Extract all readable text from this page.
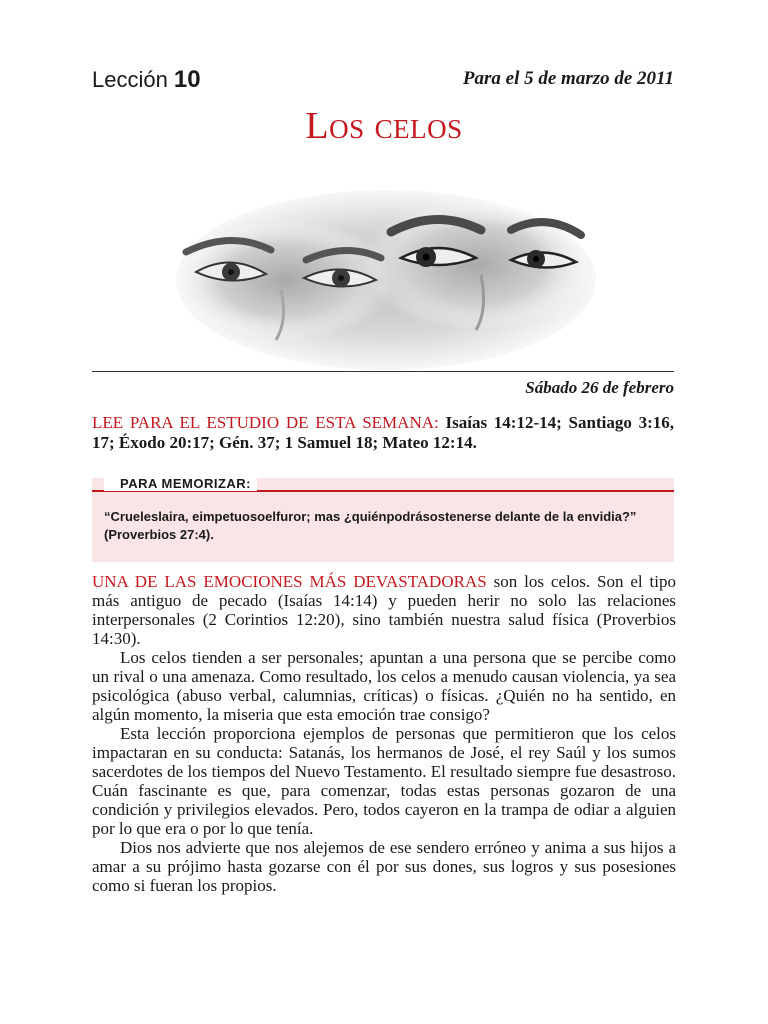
Lección 10	Para el 5 de marzo de 2011
Los celos
Sábado 26 de febrero
LEE PARA EL ESTUDIO DE ESTA SEMANA: Isaías 14:12-14; Santiago 3:16, 17; Éxodo 20:17; Gén. 37; 1 Samuel 18; Mateo 12:14.
PARA MEMORIZAR:
“Crueleslaira, eimpetuosoelfuror; mas ¿quiénpodrásostenerse delante de la envidia?” (Proverbios 27:4).

UNA DE LAS EMOCIONES MÁS DEVASTADORAS son los celos. Son el tipo más antiguo de pecado (Isaías 14:14) y pueden herir no solo las relaciones interpersonales (2 Corintios 12:20), sino también nuestra salud física (Proverbios 14:30).

Los celos tienden a ser personales; apuntan a una persona que se percibe como un rival o una amenaza. Como resultado, los celos a menudo causan violencia, ya sea psicológica (abuso verbal, calumnias, críticas) o físicas. ¿Quién no ha sentido, en algún momento, la miseria que esta emoción trae consigo?

Esta lección proporciona ejemplos de personas que permitieron que los celos impactaran en su conducta: Satanás, los hermanos de José, el rey Saúl y los sumos sacerdotes de los tiempos del Nuevo Testamento. El resultado siempre fue desastroso. Cuán fascinante es que, para comenzar, todas estas personas gozaron de una condición y privilegios elevados. Pero, todos cayeron en la trampa de odiar a alguien por lo que era o por lo que tenía.

Dios nos advierte que nos alejemos de ese sendero erróneo y anima a sus hijos a amar a su prójimo hasta gozarse con él por sus dones, sus logros y sus posesiones como si fueran los propios.
